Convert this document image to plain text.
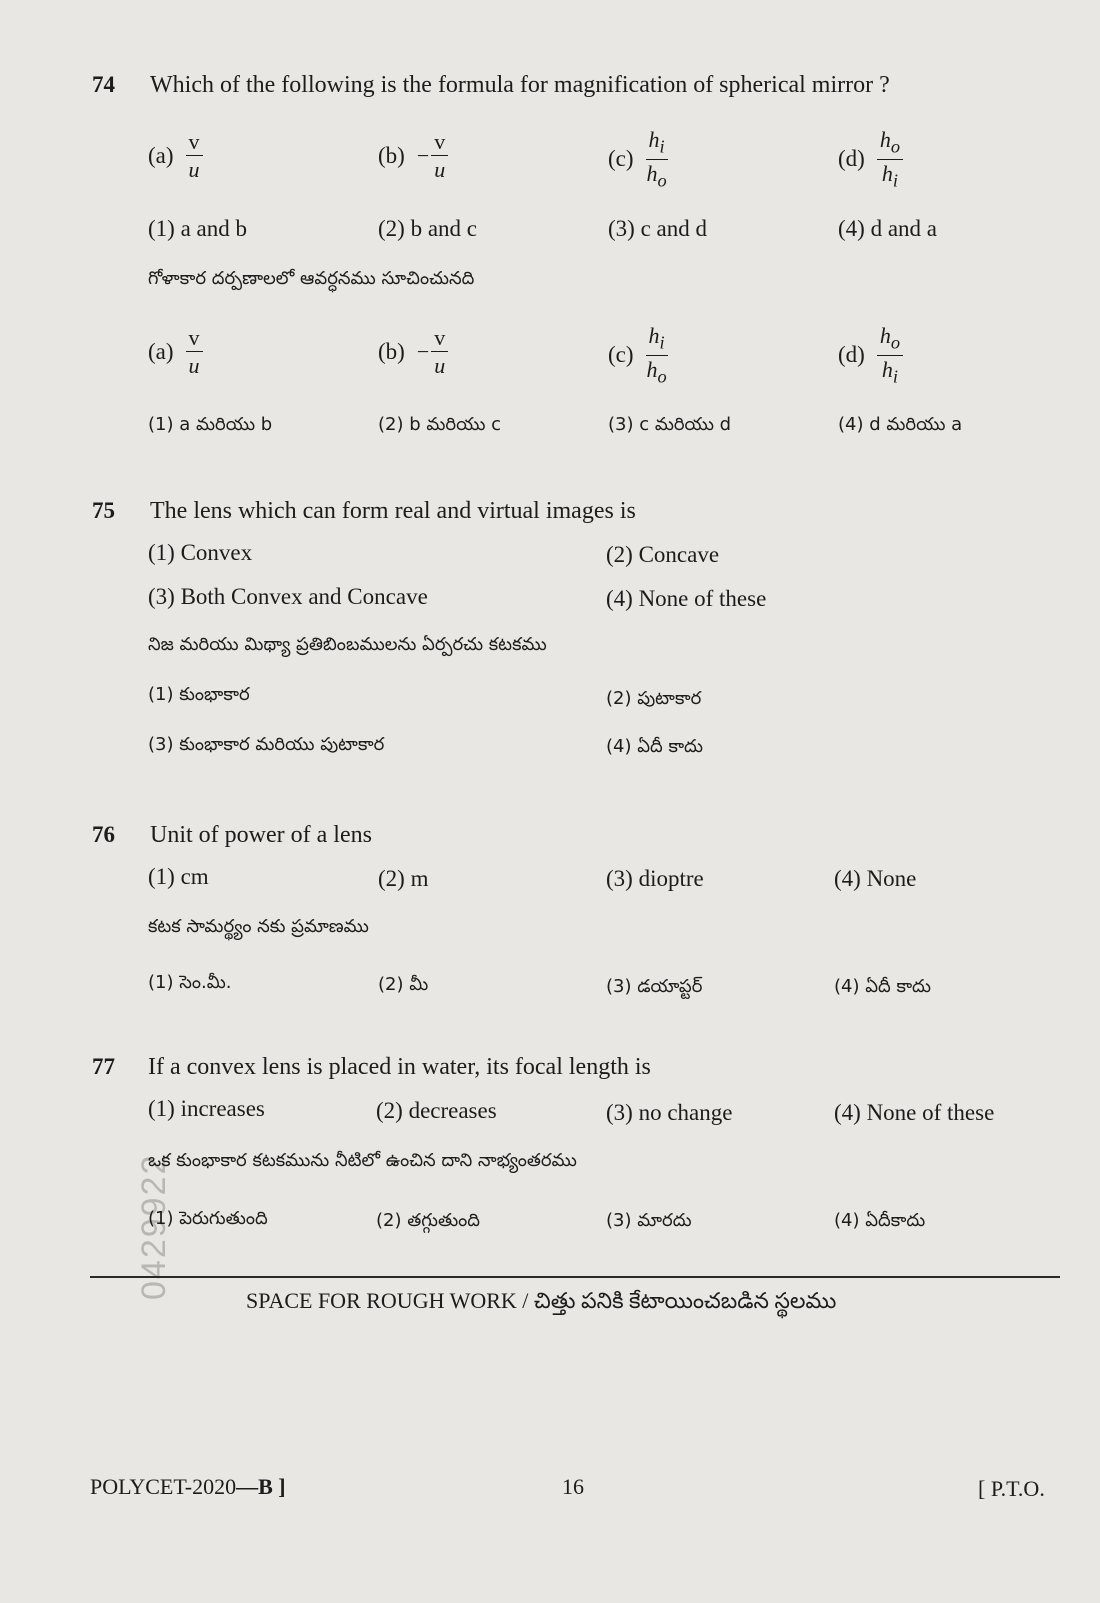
0429922
74 Which of the following is the formula for magnification of spherical mirror ?
$(a) \frac{v}{u}$	$(b) - \frac{v}{u}$	$(c) \frac{h_i}{h_o}$	$(d) \frac{h_o}{h_i}$
(1) a and b	(2) b and c	(3) c and d	(4) d and a
గోళాకార దర్పణాలలో ఆవర్ధనము సూచించునది
$(a) \frac{v}{u}$	$(b) - \frac{v}{u}$	$(c) \frac{h_i}{h_o}$	$(d) \frac{h_o}{h_i}$
(1) a మరియు b	(2) b మరియు c	(3) c మరియు d	(4) d మరియు a
75 The lens which can form real and virtual images is
(1) Convex	(2) Concave
(3) Both Convex and Concave	(4) None of these
నిజ మరియు మిథ్యా ప్రతిబింబములను ఏర్పరచు కటకము
(1) కుంభాకార	(2) పుటాకార
(3) కుంభాకార మరియు పుటాకార	(4) ఏదీ కాదు
76 Unit of power of a lens
(1) cm	(2) m	(3) dioptre	(4) None
కటక సామర్థ్యం నకు ప్రమాణము
(1) సెం.మీ.	(2) మీ	(3) డయాప్టర్	(4) ఏదీ కాదు
77 If a convex lens is placed in water, its focal length is
(1) increases	(2) decreases	(3) no change	(4) None of these
ఒక కుంభాకార కటకమును నీటిలో ఉంచిన దాని నాభ్యంతరము
(1) పెరుగుతుంది	(2) తగ్గుతుంది	(3) మారదు	(4) ఏదీకాదు
SPACE FOR ROUGH WORK / చిత్తు పనికి కేటాయించబడిన స్థలము
POLYCET-2020—B ]	16	[ P.T.O.
